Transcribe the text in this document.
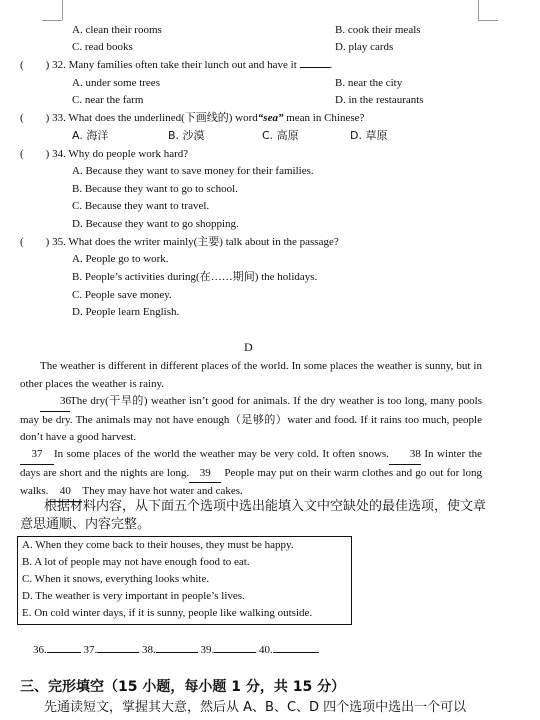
A. clean their rooms	B. cook their meals
C. read books	D. play cards
( ) 32. Many families often take their lunch out and have it	.
A. under some trees	B. near the city
C. near the farm	D. in the restaurants
( ) 33. What does the underlined(下画线的) word“sea” mean in Chinese?
A. 海洋	B. 沙漠	C. 高原	D. 草原
( ) 34. Why do people work hard?
A. Because they want to save money for their families.
B. Because they want to go to school.
C. Because they want to travel.
D. Because they want to go shopping.
( ) 35. What does the writer mainly(主要) talk about in the passage?
A. People go to work.
B. People’s activities during(在……期间) the holidays.
C. People save money.
D. People learn English.
D
The weather is different in different places of the world. In some places the weather is sunny, but in other places the weather is rainy.
36The dry(干旱的) weather isn’t good for animals. If the dry weather is too long, many pools may be dry. The animals may not have enough（足够的）water and food. If it rains too much, people don’t have a good harvest.
37 In some places of the world the weather may be very cold. It often snows. 38 In winter the days are short and the nights are long. 39 People may put on their warm clothes and go out for long walks. 40 They may have hot water and cakes.
根据材料内容，从下面五个选项中选出能填入文中空缺处的最佳选项，使文章意思通顺、内容完整。
A. When they come back to their houses, they must be happy.
B. A lot of people may not have enough food to eat.
C. When it snows, everything looks white.
D. The weather is very important in people’s lives.
E. On cold winter days, if it is sunny, people like walking outside.
36.	37.	38.	39.	40.
三、完形填空（15 小题，每小题 1 分，共 15 分）
先通读短文，掌握其大意，然后从 A、B、C、D 四个选项中选出一个可以
